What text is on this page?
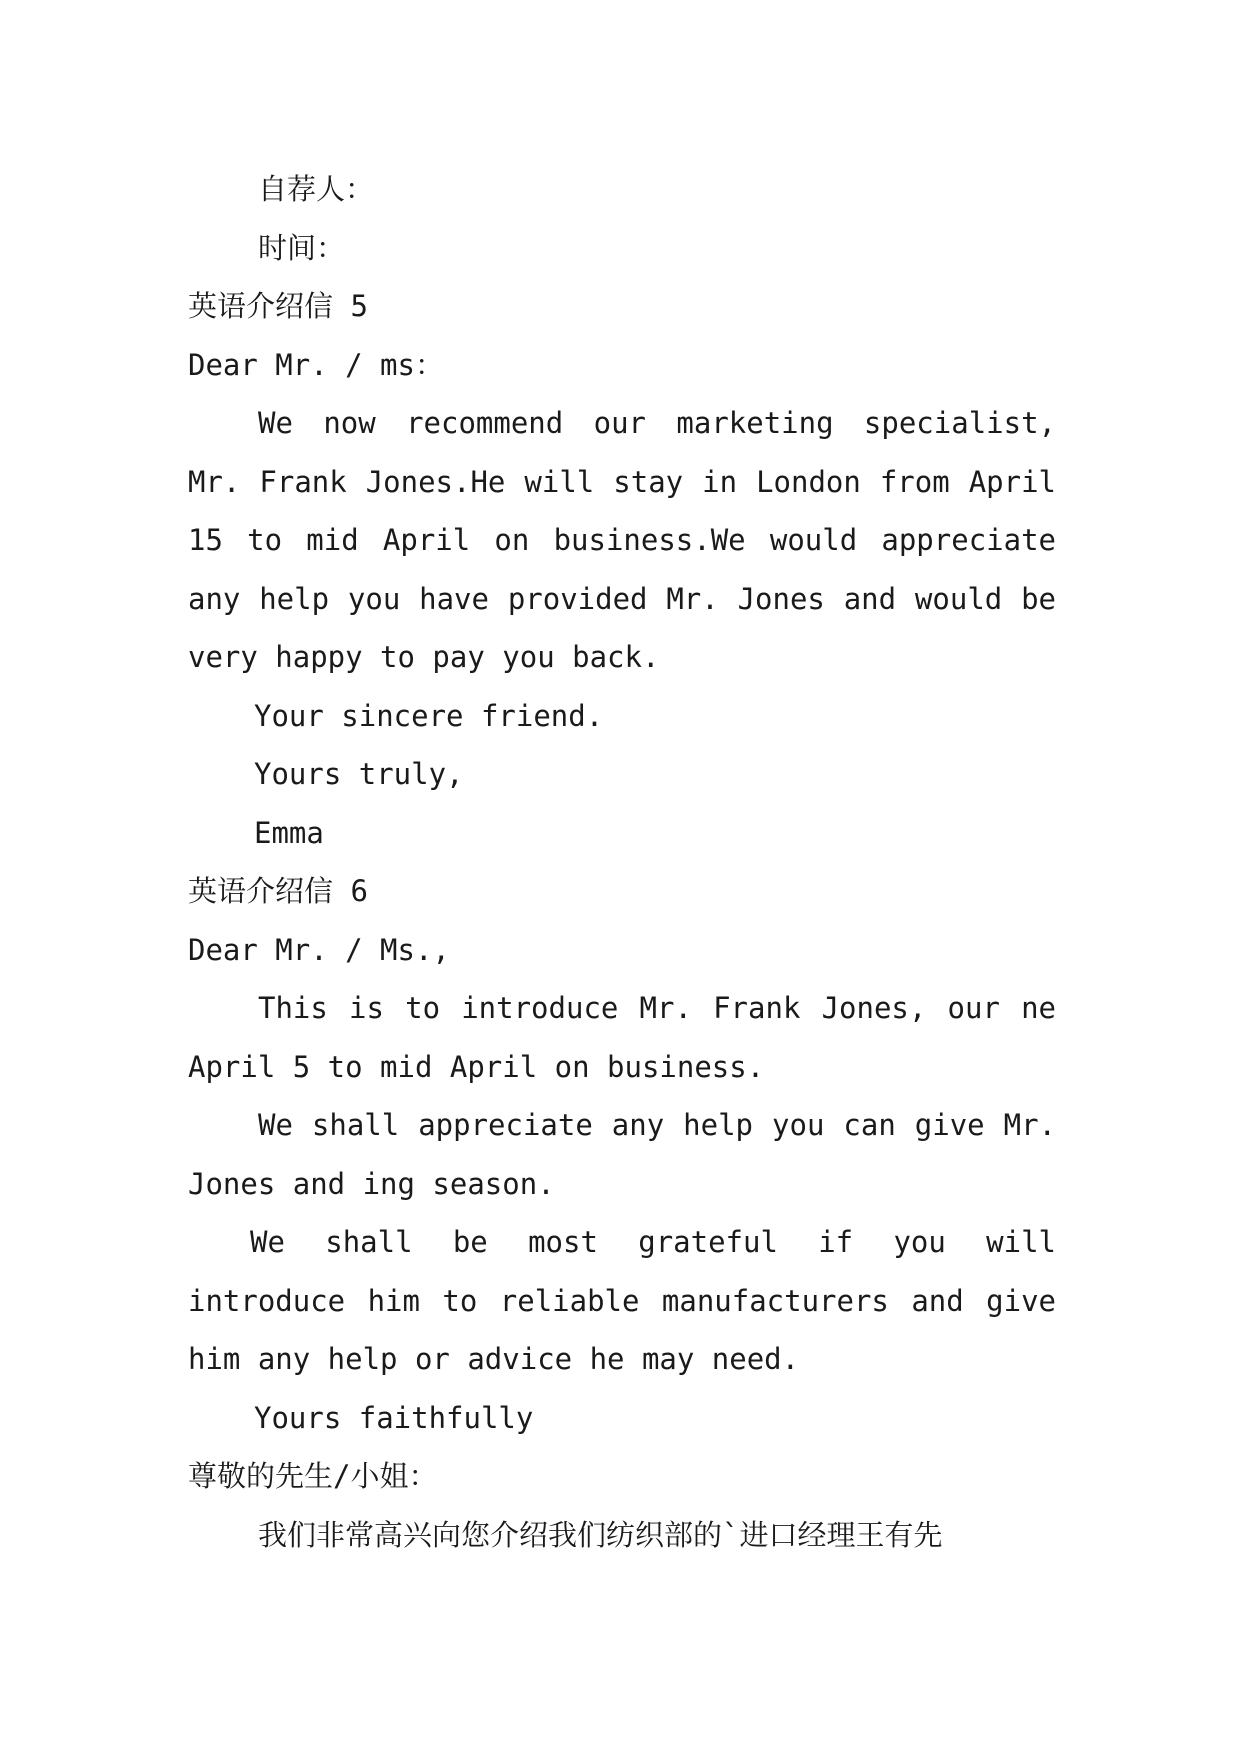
自荐人：

时间：

英语介绍信 5

Dear Mr. / ms：

We now recommend our marketing specialist, Mr. Frank Jones.He will stay in London from April 15 to mid April on business.We would appreciate any help you have provided Mr. Jones and would be very happy to pay you back.

Your sincere friend.

Yours truly,

Emma

英语介绍信 6

Dear Mr. / Ms.,

This is to introduce Mr. Frank Jones, our ne April 5 to mid April on business.

We shall appreciate any help you can give Mr. Jones and ing season.

We shall be most grateful if you will introduce him to reliable manufacturers and give him any help or advice he may need.

Yours faithfully

尊敬的先生/小姐：

我们非常高兴向您介绍我们纺织部的`进口经理王有先
